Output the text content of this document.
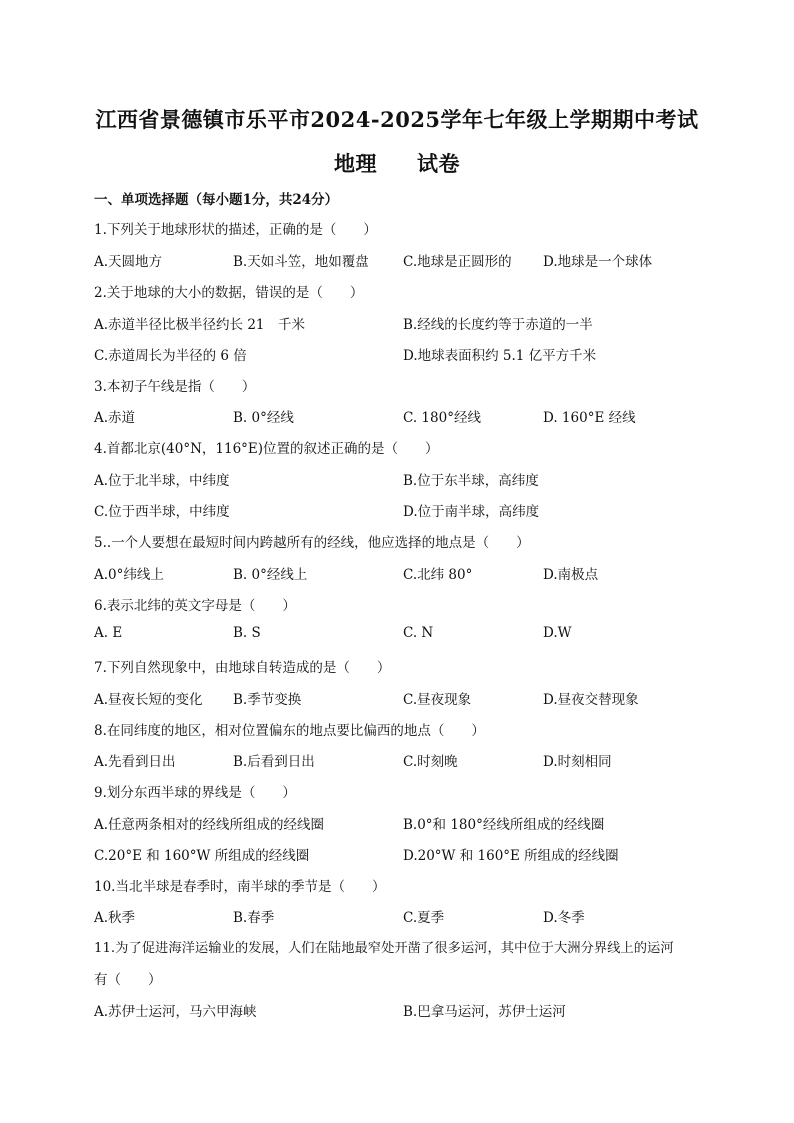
江西省景德镇市乐平市2024-2025学年七年级上学期期中考试
地理 试卷
一、单项选择题（每小题1分，共24分）
1.下列关于地球形状的描述，正确的是（　　）
A.天圆地方	B.天如斗笠，地如覆盘	C.地球是正圆形的 D.地球是一个球体
2.关于地球的大小的数据，错误的是（　　）
A.赤道半径比极半径约长 21　千米	B.经线的长度约等于赤道的一半
C.赤道周长为半径的 6 倍	D.地球表面积约 5.1 亿平方千米
3.本初子午线是指（　　）
A.赤道	B. 0°经线	C. 180°经线	D. 160°E 经线
4.首都北京(40°N，116°E)位置的叙述正确的是（　　）
A.位于北半球，中纬度	B.位于东半球，高纬度
C.位于西半球，中纬度	D.位于南半球，高纬度
5..一个人要想在最短时间内跨越所有的经线，他应选择的地点是（　　）
A.0°纬线上	B. 0°经线上	C.北纬 80°	D.南极点
6.表示北纬的英文字母是（　　）
A. E	B. S	C. N	D.W
7.下列自然现象中，由地球自转造成的是（　　）
A.昼夜长短的变化 B.季节变换	C.昼夜现象	D.昼夜交替现象
8.在同纬度的地区，相对位置偏东的地点要比偏西的地点（　　）
A.先看到日出	B.后看到日出	C.时刻晚	D.时刻相同
9.划分东西半球的界线是（　　）
A.任意两条相对的经线所组成的经线圈	B.0°和 180°经线所组成的经线圈
C.20°E 和 160°W 所组成的经线圈	D.20°W 和 160°E 所组成的经线圈
10.当北半球是春季时，南半球的季节是（　　）
A.秋季	B.春季	C.夏季	D.冬季
11.为了促进海洋运输业的发展，人们在陆地最窄处开凿了很多运河，其中位于大洲分界线上的运河
有（　　）
A.苏伊士运河，马六甲海峡	B.巴拿马运河，苏伊士运河
